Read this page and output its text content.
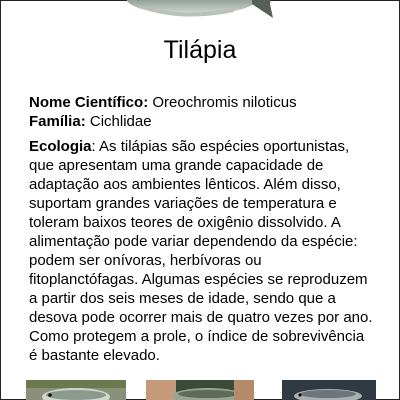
Tilápia
Nome Científico: Oreochromis niloticus
Família: Cichlidae
Ecologia: As tilápias são espécies oportunistas, que apresentam uma grande capacidade de adaptação aos ambientes lênticos. Além disso, suportam grandes variações de temperatura e toleram baixos teores de oxigênio dissolvido. A alimentação pode variar dependendo da espécie: podem ser onívoras, herbívoras ou fitoplanctófagas. Algumas espécies se reproduzem a partir dos seis meses de idade, sendo que a desova pode ocorrer mais de quatro vezes por ano. Como protegem a prole, o índice de sobrevivência é bastante elevado.
